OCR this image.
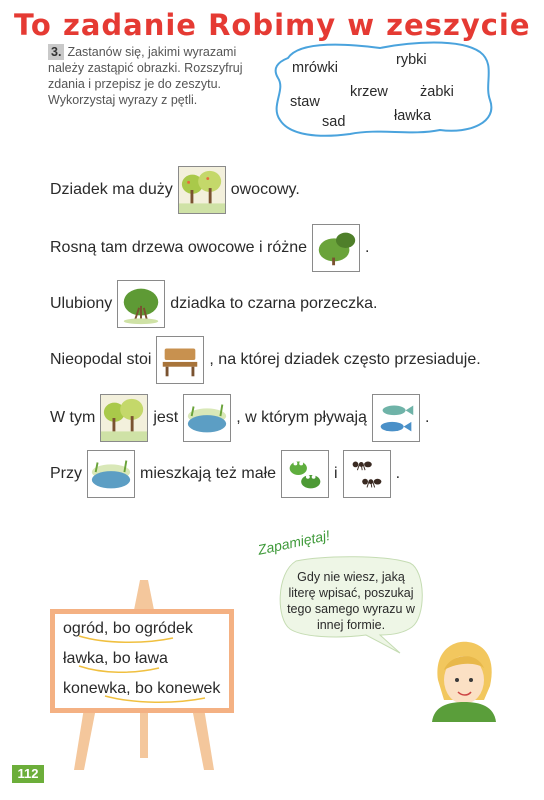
To zadanie Robimy w zeszycie
3. Zastanów się, jakimi wyrazami należy zastąpić obrazki. Rozszyfruj zdania i przepisz je do zeszytu. Wykorzystaj wyrazy z pętli.
mrówki	rybki
krzew żabki
staw
sad	ławka
Dziadek ma duży	owocowy.
Rosną tam drzewa owocowe i różne	.
Ulubiony	dziadka to czarna porzeczka.
Nieopodal stoi	, na której dziadek często przesiaduje.
W tym	jest	, w którym pływają	.
Przy	mieszkają też małe	i	.
Zapamiętaj!
Gdy nie wiesz, jaką literę wpisać, poszukaj tego samego wyrazu w innej formie.
ogród, bo ogródek
ławka, bo ława
konewka, bo konewek
112
